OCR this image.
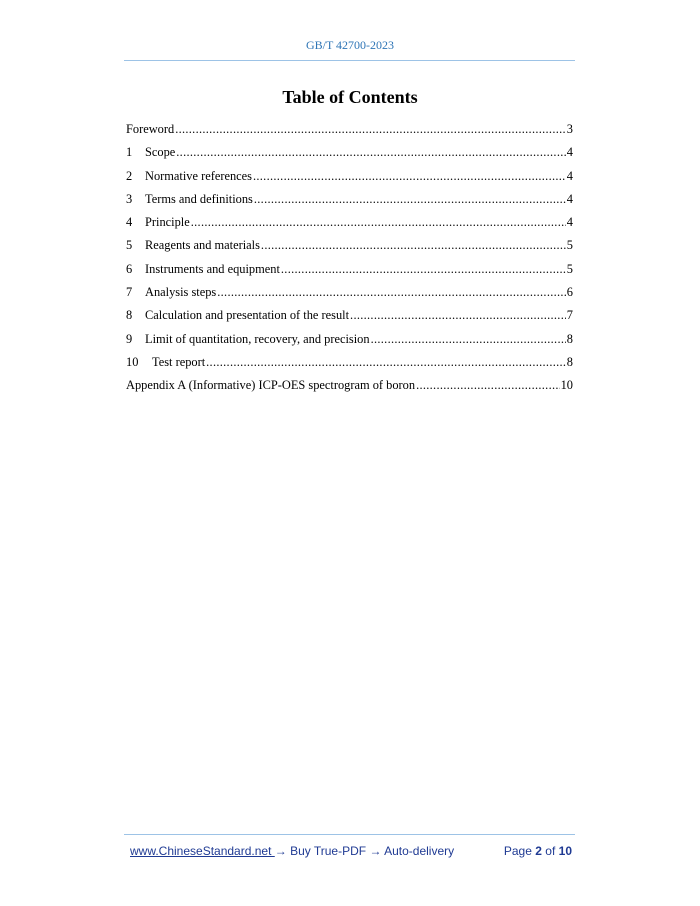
GB/T 42700-2023
Table of Contents
Foreword .....	3
1	Scope .....	4
2	Normative references .....	4
3	Terms and definitions .....	4
4	Principle .....	4
5	Reagents and materials .....	5
6	Instruments and equipment .....	5
7	Analysis steps .....	6
8	Calculation and presentation of the result .....	7
9	Limit of quantitation, recovery, and precision .....	8
10	Test report .....	8
Appendix A (Informative) ICP-OES spectrogram of boron .....	10
www.ChineseStandard.net → Buy True-PDF → Auto-delivery	Page 2 of 10
